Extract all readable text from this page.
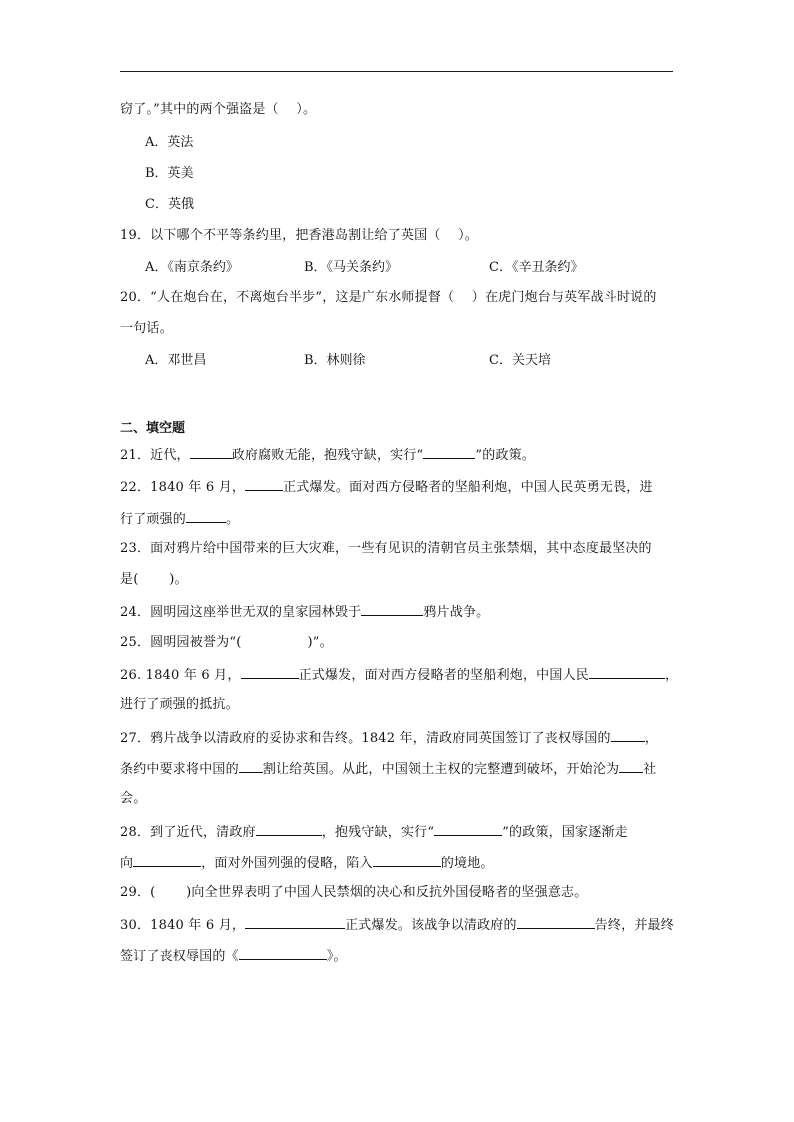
窃了。”其中的两个强盗是（　 ）。
A．英法
B．英美
C．英俄
19．以下哪个不平等条约里，把香港岛割让给了英国（　 ）。
A．《南京条约》	B．《马关条约》	C．《辛丑条约》
20．“人在炮台在，不离炮台半步”，这是广东水师提督（　 ）在虎门炮台与英军战斗时说的
一句话。
A．邓世昌	B．林则徐	C．关天培
二、填空题
21．近代，	政府腐败无能，抱残守缺，实行“	”的政策。
22．1840 年 6 月，	正式爆发。面对西方侵略者的坚船利炮，中国人民英勇无畏，进
行了顽强的	。
23．面对鸦片给中国带来的巨大灾难，一些有见识的清朝官员主张禁烟，其中态度最坚决的
是(　　 )。
24．圆明园这座举世无双的皇家园林毁于	鸦片战争。
25．圆明园被誉为“(　　　　　)”。
26. 1840 年 6 月，	正式爆发，面对西方侵略者的坚船利炮，中国人民	，
进行了顽强的抵抗。
27．鸦片战争以清政府的妥协求和告终。1842 年，清政府同英国签订了丧权辱国的	，
条约中要求将中国的 割让给英国。从此，中国领土主权的完整遭到破坏，开始沦为 社
会。
28．到了近代，清政府	，抱残守缺，实行“	”的政策，国家逐渐走
向	，面对外国列强的侵略，陷入	的境地。
29．(　　 )向全世界表明了中国人民禁烟的决心和反抗外国侵略者的坚强意志。
30．1840 年 6 月，	正式爆发。该战争以清政府的	告终，并最终
签订了丧权辱国的《	》。
